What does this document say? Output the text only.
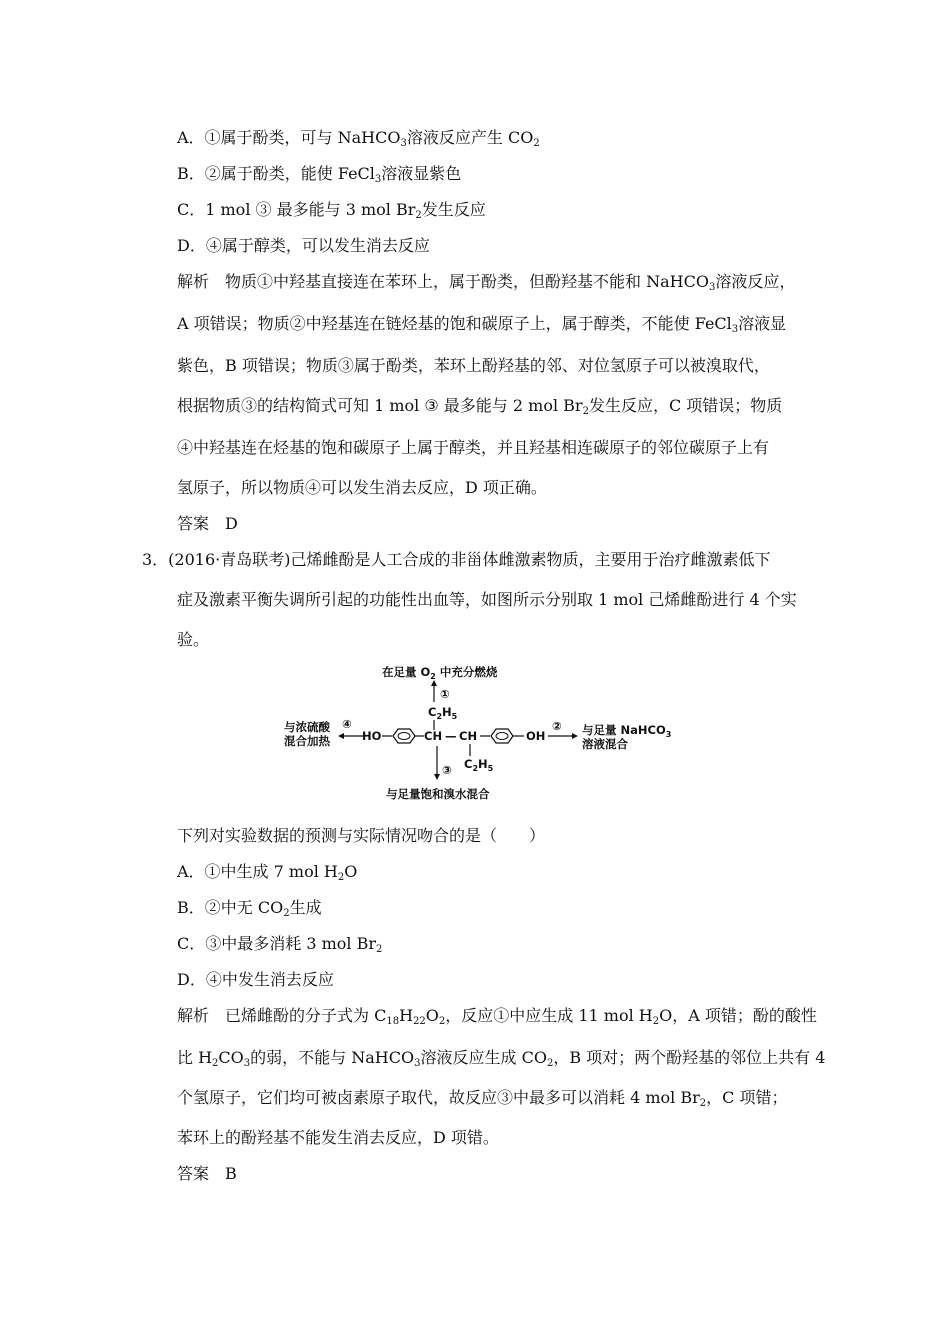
A．①属于酚类，可与 NaHCO$_3$溶液反应产生 $CO_2$
B．②属于酚类，能使 FeCl$_3$溶液显紫色
C．1 mol ③ 最多能与 3 mol $Br_2$发生反应
D．④属于醇类，可以发生消去反应
解析　物质①中羟基直接连在苯环上，属于酚类，但酚羟基不能和 NaHCO$_3$溶液反应，
A 项错误；物质②中羟基连在链烃基的饱和碳原子上，属于醇类，不能使 FeCl$_3$溶液显
紫色，B 项错误；物质③属于酚类，苯环上酚羟基的邻、对位氢原子可以被溴取代，
根据物质③的结构简式可知 1 mol ③ 最多能与 2 mol $Br_2$发生反应，C 项错误；物质
④中羟基连在烃基的饱和碳原子上属于醇类，并且羟基相连碳原子的邻位碳原子上有
氢原子，所以物质④可以发生消去反应，D 项正确。
答案　D
3．(2016·青岛联考)己烯雌酚是人工合成的非甾体雌激素物质，主要用于治疗雌激素低下
症及激素平衡失调所引起的功能性出血等，如图所示分别取 1 mol 己烯雌酚进行 4 个实
验。
在足量 $O_2$ 中充分燃烧
①
$C_2H_5$
与浓硫酸
混合加热
④
HO	CH — CH	OH
② 与足量 NaHCO$_3$
溶液混合
$C_2H_5$
③
与足量饱和溴水混合
下列对实验数据的预测与实际情况吻合的是（　　）
A．①中生成 7 mol $H_2O$
B．②中无 $CO_2$生成
C．③中最多消耗 3 mol $Br_2$
D．④中发生消去反应
解析　已烯雌酚的分子式为 $C_{18}H_{22}O_2$，反应①中应生成 11 mol $H_2O$，A 项错；酚的酸性
比 $H_2CO_3$的弱，不能与 NaHCO$_3$溶液反应生成 $CO_2$，B 项对；两个酚羟基的邻位上共有 4
个氢原子，它们均可被卤素原子取代，故反应③中最多可以消耗 4 mol $Br_2$，C 项错；
苯环上的酚羟基不能发生消去反应，D 项错。
答案　B
